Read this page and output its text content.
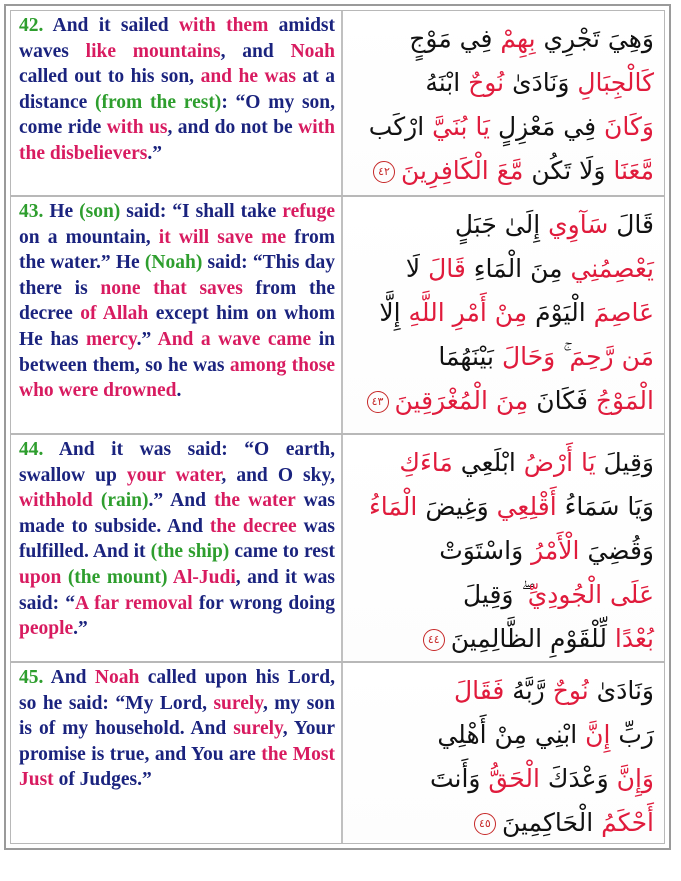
42. And it sailed with them amidst waves like mountains, and Noah called out to his son, and he was at a distance (from the rest): “O my son, come ride with us, and do not be with the disbelievers.”

وَهِيَ تَجْرِي بِهِمْ فِي مَوْجٍ
كَالْجِبَالِ وَنَادَىٰ نُوحٌ ابْنَهُ
وَكَانَ فِي مَعْزِلٍ يَا بُنَيَّ ارْكَب
مَّعَنَا وَلَا تَكُن مَّعَ الْكَافِرِينَ٤٢

43. He (son) said: “I shall take refuge on a mountain, it will save me from the water.” He (Noah) said: “This day there is none that saves from the decree of Allah except him on whom He has mercy.” And a wave came in between them, so he was among those who were drowned.

قَالَ سَآوِي إِلَىٰ جَبَلٍ
يَعْصِمُنِي مِنَ الْمَاءِ قَالَ لَا
عَاصِمَ الْيَوْمَ مِنْ أَمْرِ اللَّهِ إِلَّا
مَن رَّحِمَ ۚ وَحَالَ بَيْنَهُمَا
الْمَوْجُ فَكَانَ مِنَ الْمُغْرَقِينَ٤٣

44. And it was said: “O earth, swallow up your water, and O sky, withhold (rain).” And the water was made to subside. And the decree was fulfilled. And it (the ship) came to rest upon (the mount) Al-Judi, and it was said: “A far removal for wrong doing people.”

وَقِيلَ يَا أَرْضُ ابْلَعِي مَاءَكِ
وَيَا سَمَاءُ أَقْلِعِي وَغِيضَ الْمَاءُ
وَقُضِيَ الْأَمْرُ وَاسْتَوَتْ
عَلَى الْجُودِيِّ ۖ وَقِيلَ
بُعْدًا لِّلْقَوْمِ الظَّالِمِينَ٤٤

45. And Noah called upon his Lord, so he said: “My Lord, surely, my son is of my household. And surely, Your promise is true, and You are the Most Just of Judges.”

وَنَادَىٰ نُوحٌ رَّبَّهُ فَقَالَ
رَبِّ إِنَّ ابْنِي مِنْ أَهْلِي
وَإِنَّ وَعْدَكَ الْحَقُّ وَأَنتَ
أَحْكَمُ الْحَاكِمِينَ٤٥
